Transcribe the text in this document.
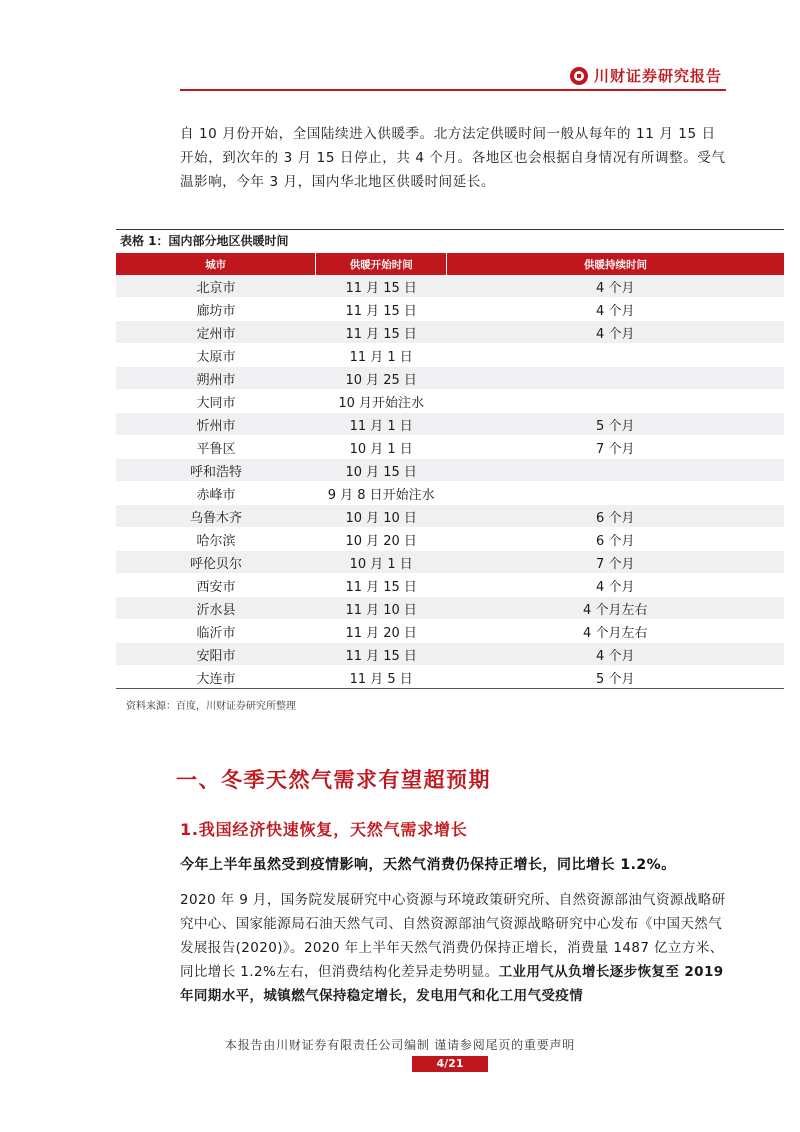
川财证券研究报告

自 10 月份开始，全国陆续进入供暖季。北方法定供暖时间一般从每年的 11 月 15 日开始，到次年的 3 月 15 日停止，共 4 个月。各地区也会根据自身情况有所调整。受气温影响，今年 3 月，国内华北地区供暖时间延长。

表格 1：国内部分地区供暖时间
城市	供暖开始时间	供暖持续时间
北京市	11 月 15 日	4 个月
廊坊市	11 月 15 日	4 个月
定州市	11 月 15 日	4 个月
太原市	11 月 1 日	
朔州市	10 月 25 日	
大同市	10 月开始注水	
忻州市	11 月 1 日	5 个月
平鲁区	10 月 1 日	7 个月
呼和浩特	10 月 15 日	
赤峰市	9 月 8 日开始注水	
乌鲁木齐	10 月 10 日	6 个月
哈尔滨	10 月 20 日	6 个月
呼伦贝尔	10 月 1 日	7 个月
西安市	11 月 15 日	4 个月
沂水县	11 月 10 日	4 个月左右
临沂市	11 月 20 日	4 个月左右
安阳市	11 月 15 日	4 个月
大连市	11 月 5 日	5 个月
资料来源：百度，川财证券研究所整理
一、冬季天然气需求有望超预期
1.我国经济快速恢复，天然气需求增长
今年上半年虽然受到疫情影响，天然气消费仍保持正增长，同比增长 1.2%。

2020 年 9 月，国务院发展研究中心资源与环境政策研究所、自然资源部油气资源战略研究中心、国家能源局石油天然气司、自然资源部油气资源战略研究中心发布《中国天然气发展报告(2020)》。2020 年上半年天然气消费仍保持正增长，消费量 1487 亿立方米、同比增长 1.2%左右，但消费结构化差异走势明显。工业用气从负增长逐步恢复至 2019 年同期水平，城镇燃气保持稳定增长，发电用气和化工用气受疫情

本报告由川财证券有限责任公司编制 谨请参阅尾页的重要声明
4/21
